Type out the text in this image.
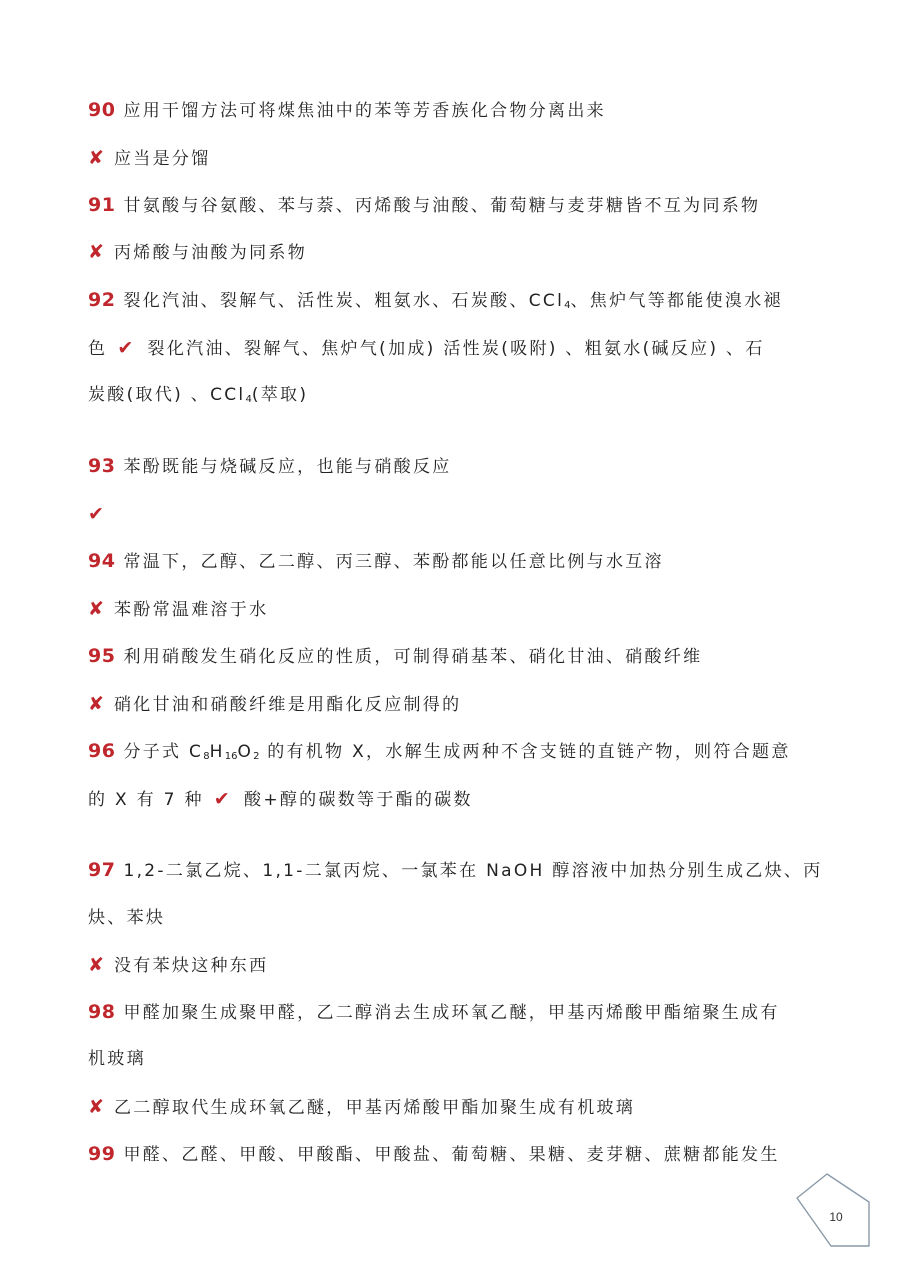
90 应用干馏方法可将煤焦油中的苯等芳香族化合物分离出来
✘ 应当是分馏
91 甘氨酸与谷氨酸、苯与萘、丙烯酸与油酸、葡萄糖与麦芽糖皆不互为同系物
✘ 丙烯酸与油酸为同系物
92 裂化汽油、裂解气、活性炭、粗氨水、石炭酸、CCl$_4$、焦炉气等都能使溴水褪
色 ✔ 裂化汽油、裂解气、焦炉气(加成) 活性炭(吸附) 、粗氨水(碱反应) 、石
炭酸(取代) 、CCl$_4$(萃取)
93 苯酚既能与烧碱反应，也能与硝酸反应
✔
94 常温下，乙醇、乙二醇、丙三醇、苯酚都能以任意比例与水互溶
✘ 苯酚常温难溶于水
95 利用硝酸发生硝化反应的性质，可制得硝基苯、硝化甘油、硝酸纤维
✘ 硝化甘油和硝酸纤维是用酯化反应制得的
96 分子式 $C_8H_{16}O_2$ 的有机物 X，水解生成两种不含支链的直链产物，则符合题意
的 X 有 7 种 ✔ 酸+醇的碳数等于酯的碳数
97 1,2-二氯乙烷、1,1-二氯丙烷、一氯苯在 NaOH 醇溶液中加热分别生成乙炔、丙
炔、苯炔
✘ 没有苯炔这种东西
98 甲醛加聚生成聚甲醛，乙二醇消去生成环氧乙醚，甲基丙烯酸甲酯缩聚生成有
机玻璃
✘ 乙二醇取代生成环氧乙醚，甲基丙烯酸甲酯加聚生成有机玻璃
99 甲醛、乙醛、甲酸、甲酸酯、甲酸盐、葡萄糖、果糖、麦芽糖、蔗糖都能发生
10
